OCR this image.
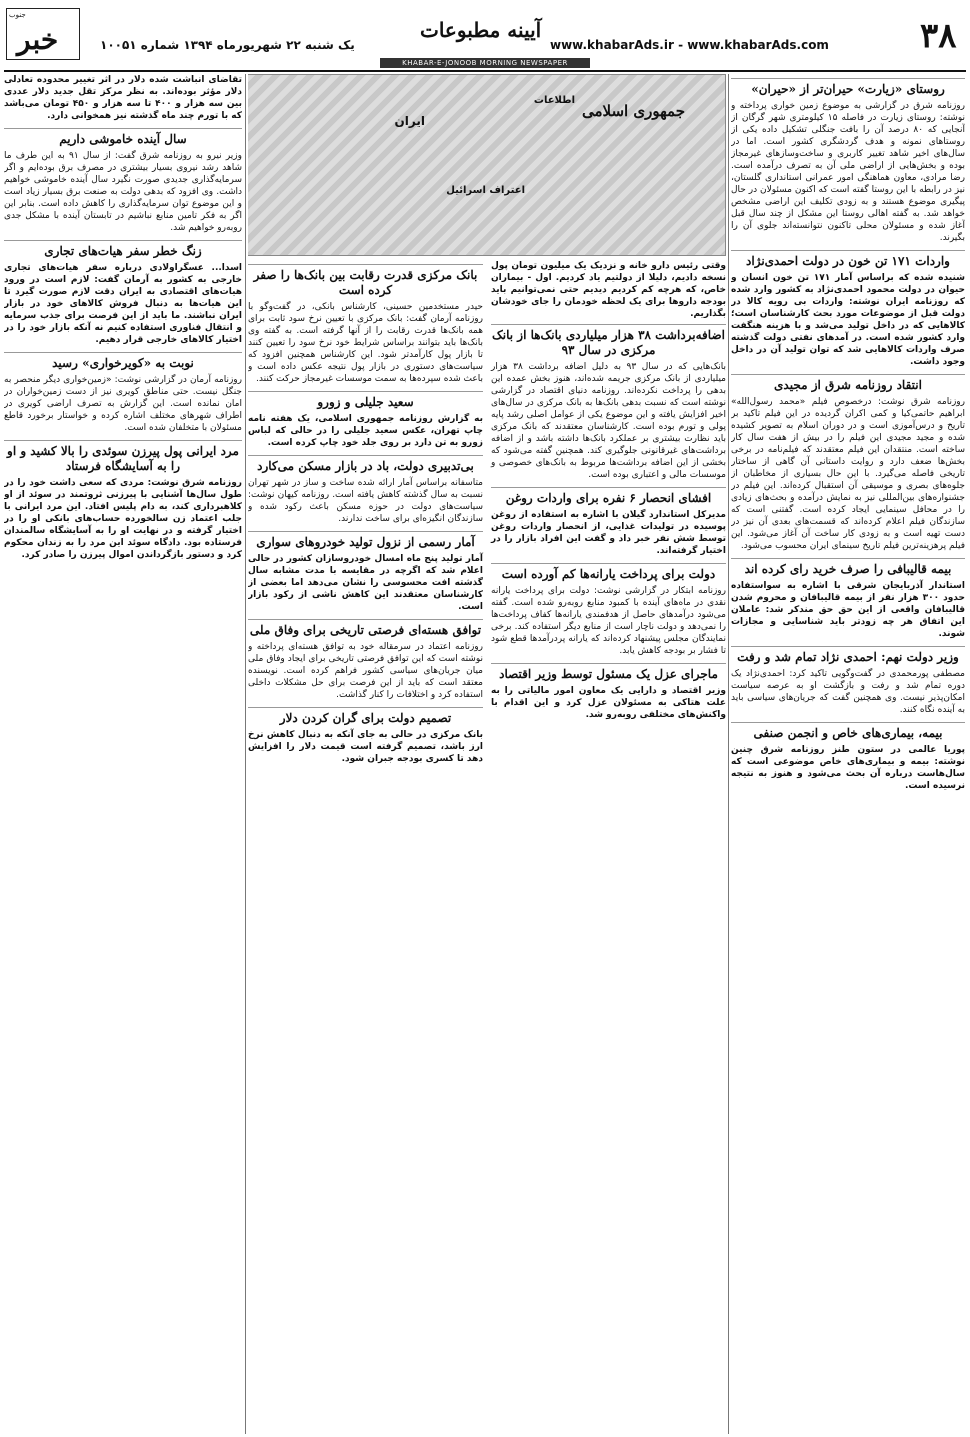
خبر
جنوب
یک شنبه ۲۲ شهریورماه ۱۳۹۴ شماره ۱۰۰۵۱
آیینه مطبوعات
www.khabarAds.ir - www.khabarAds.com	۳۸
KHABAR-E-JONOOB MORNING NEWSPAPER
روستای «زیارت» حیران‌تر از «حیران»

روزنامه شرق در گزارشی به موضوع زمین خواری پرداخته و نوشته: روستای زیارت در فاصله ۱۵ کیلومتری شهر گرگان از آنجایی که ۸۰ درصد آن را بافت جنگلی تشکیل داده یکی از روستاهای نمونه و هدف گردشگری کشور است. اما در سال‌های اخیر شاهد تغییر کاربری و ساخت‌وسازهای غیرمجاز بوده و بخش‌هایی از اراضی ملی آن به تصرف درآمده است. رضا مرادی، معاون هماهنگی امور عمرانی استانداری گلستان، نیز در رابطه با این روستا گفته است که اکنون مسئولان در حال پیگیری موضوع هستند و به زودی تکلیف این اراضی مشخص خواهد شد. به گفته اهالی روستا این مشکل از چند سال قبل آغاز شده و مسئولان محلی تاکنون نتوانسته‌اند جلوی آن را بگیرند.

واردات ۱۷۱ تن خون در دولت احمدی‌نژاد

شنیده شده که براساس آمار ۱۷۱ تن خون انسان و حیوان در دولت محمود احمدی‌نژاد به کشور وارد شده که روزنامه ایران نوشته: واردات بی رویه کالا در دولت قبل از موضوعات مورد بحث کارشناسان است؛ کالاهایی که در داخل تولید می‌شد و با هزینه هنگفت وارد کشور شده است. در آمدهای نفتی دولت گذشته صرف واردات کالاهایی شد که توان تولید آن در داخل وجود داشت.

انتقاد روزنامه شرق از مجیدی

روزنامه شرق نوشت: درخصوص فیلم «محمد رسول‌الله» ابراهیم حاتمی‌کیا و کمی اکران گردیده در این فیلم تاکید بر تاریخ و درس‌آموزی است و در دوران اسلام به تصویر کشیده شده و مجید مجیدی این فیلم را در بیش از هفت سال کار ساخته است. منتقدان این فیلم معتقدند که فیلم‌نامه در برخی بخش‌ها ضعف دارد و روایت داستانی آن گاهی از ساختار تاریخی فاصله می‌گیرد. با این حال بسیاری از مخاطبان از جلوه‌های بصری و موسیقی آن استقبال کرده‌اند. این فیلم در جشنواره‌های بین‌المللی نیز به نمایش درآمده و بحث‌های زیادی را در محافل سینمایی ایجاد کرده است. گفتنی است که سازندگان فیلم اعلام کرده‌اند که قسمت‌های بعدی آن نیز در دست تهیه است و به زودی کار ساخت آن آغاز می‌شود. این فیلم پرهزینه‌ترین فیلم تاریخ سینمای ایران محسوب می‌شود.

بیمه قالیبافی را صرف خرید رای کرده اند

استاندار آذربایجان شرقی با اشاره به سواستفاده حدود ۳۰۰ هزار نفر از بیمه قالیبافان و محروم شدن قالیبافان واقعی از این حق حق مندکر شد: عاملان این اتفاق هر چه زودتر باید شناسایی و مجازات شوند.

وزیر دولت نهم: احمدی نژاد تمام شد و رفت

مصطفی پورمحمدی در گفت‌وگویی تاکید کرد: احمدی‌نژاد یک دوره تمام شد و رفت و بازگشت او به عرصه سیاست امکان‌پذیر نیست. وی همچنین گفت که جریان‌های سیاسی باید به آینده نگاه کنند.

بیمه، بیماری‌های خاص و انجمن صنفی

پوریا عالمی در ستون طنز روزنامه شرق چنین نوشته: بیمه و بیماری‌های خاص موضوعی است که سال‌هاست درباره آن بحث می‌شود و هنوز به نتیجه نرسیده است.

جمهوری اسلامی
اطلاعات
ایران
اعتراف اسرائیل

وقتی رئیس دارو خانه و نزدیک یک میلیون تومان پول نسخه دادیم، دلیلا از دولتیم یاد کردیم. اول - بیماران خاص، که هرچه کم کردیم دیدیم حتی نمی‌توانیم باید بودجه داروها برای یک لحظه خودمان را جای خودشان بگذاریم.

اضافه‌برداشت ۳۸ هزار میلیاردی بانک‌ها از بانک مرکزی در سال ۹۳

بانک‌هایی که در سال ۹۳ به دلیل اضافه برداشت ۳۸ هزار میلیاردی از بانک مرکزی جریمه شده‌اند، هنوز بخش عمده این بدهی را پرداخت نکرده‌اند. روزنامه دنیای اقتصاد در گزارشی نوشته است که نسبت بدهی بانک‌ها به بانک مرکزی در سال‌های اخیر افزایش یافته و این موضوع یکی از عوامل اصلی رشد پایه پولی و تورم بوده است. کارشناسان معتقدند که بانک مرکزی باید نظارت بیشتری بر عملکرد بانک‌ها داشته باشد و از اضافه برداشت‌های غیرقانونی جلوگیری کند. همچنین گفته می‌شود که بخشی از این اضافه برداشت‌ها مربوط به بانک‌های خصوصی و موسسات مالی و اعتباری بوده است.

افشای انحصار ۶ نفره برای واردات روغن

مدیرکل استاندارد گیلان با اشاره به استفاده از روغن پوسیده در تولیدات غذایی، از انحصار واردات روغن توسط شش نفر خبر داد و گفت این افراد بازار را در اختیار گرفته‌اند.

دولت برای پرداخت یارانه‌ها کم آورده است

روزنامه ابتکار در گزارشی نوشت: دولت برای پرداخت یارانه نقدی در ماه‌های آینده با کمبود منابع روبه‌رو شده است. گفته می‌شود درآمدهای حاصل از هدفمندی یارانه‌ها کفاف پرداخت‌ها را نمی‌دهد و دولت ناچار است از منابع دیگر استفاده کند. برخی نمایندگان مجلس پیشنهاد کرده‌اند که یارانه پردرآمدها قطع شود تا فشار بر بودجه کاهش یابد.

ماجرای عزل یک مسئول توسط وزیر اقتصاد

وزیر اقتصاد و دارایی یک معاون امور مالیاتی را به علت هتاکی به مسئولان عزل کرد و این اقدام با واکنش‌های مختلفی روبه‌رو شد.

بانک مرکزی قدرت رقابت بین بانک‌ها را صفر کرده است

حیدر مستخدمین حسینی، کارشناس بانکی، در گفت‌وگو با روزنامه آرمان گفت: بانک مرکزی با تعیین نرخ سود ثابت برای همه بانک‌ها قدرت رقابت را از آنها گرفته است. به گفته وی بانک‌ها باید بتوانند براساس شرایط خود نرخ سود را تعیین کنند تا بازار پول کارآمدتر شود. این کارشناس همچنین افزود که سیاست‌های دستوری در بازار پول نتیجه عکس داده است و باعث شده سپرده‌ها به سمت موسسات غیرمجاز حرکت کنند.

سعید جلیلی و زورو

به گزارش روزنامه جمهوری اسلامی، یک هفته نامه چاپ تهران، عکس سعید جلیلی را در حالی که لباس زورو به تن دارد بر روی جلد خود چاپ کرده است.

بی‌تدبیری دولت، باد در بازار مسکن می‌کارد

متاسفانه براساس آمار ارائه شده ساخت و ساز در شهر تهران نسبت به سال گذشته کاهش یافته است. روزنامه کیهان نوشت: سیاست‌های دولت در حوزه مسکن باعث رکود شده و سازندگان انگیزه‌ای برای ساخت ندارند.

آمار رسمی از نزول تولید خودروهای سواری

آمار تولید پنج ماه امسال خودروسازان کشور در حالی اعلام شد که اگرچه در مقایسه با مدت مشابه سال گذشته افت محسوسی را نشان می‌دهد اما بعضی از کارشناسان معتقدند این کاهش ناشی از رکود بازار است.

توافق هسته‌ای فرصتی تاریخی برای وفاق ملی

روزنامه اعتماد در سرمقاله خود به توافق هسته‌ای پرداخته و نوشته است که این توافق فرصتی تاریخی برای ایجاد وفاق ملی میان جریان‌های سیاسی کشور فراهم کرده است. نویسنده معتقد است که باید از این فرصت برای حل مشکلات داخلی استفاده کرد و اختلافات را کنار گذاشت.

تصمیم دولت برای گران کردن دلار

بانک مرکزی در حالی به جای آنکه به دنبال کاهش نرخ ارز باشد، تصمیم گرفته است قیمت دلار را افزایش دهد تا کسری بودجه جبران شود.

تقاضای انباشت شده دلار در اثر تغییر محدوده تعادلی دلار مؤثر بوده‌اند. به نظر مرکز تقل جدید دلار عددی بین سه هزار و ۴۰۰ تا سه هزار و ۴۵۰ تومان می‌باشد که با تورم چند ماه گذشته نیز همخوانی دارد.

سال آینده خاموشی داریم

وزیر نیرو به روزنامه شرق گفت: از سال ۹۱ به این طرف ما شاهد رشد نیروی بسیار بیشتری در مصرف برق بوده‌ایم و اگر سرمایه‌گذاری جدیدی صورت نگیرد سال آینده خاموشی خواهیم داشت. وی افزود که بدهی دولت به صنعت برق بسیار زیاد است و این موضوع توان سرمایه‌گذاری را کاهش داده است. بنابر این اگر به فکر تامین منابع نباشیم در تابستان آینده با مشکل جدی روبه‌رو خواهیم شد.

زنگ خطر سفر هیات‌های تجاری

اسدا... عسگراولادی درباره سفر هیات‌های تجاری خارجی به کشور به آرمان گفت: لازم است در ورود هیات‌های اقتصادی به ایران دقت لازم صورت گیرد تا این هیات‌ها به دنبال فروش کالاهای خود در بازار ایران نباشند. ما باید از این فرصت برای جذب سرمایه و انتقال فناوری استفاده کنیم نه آنکه بازار خود را در اختیار کالاهای خارجی قرار دهیم.

نوبت به «کویرخواری» رسید

روزنامه آرمان در گزارشی نوشت: «زمین‌خواری دیگر منحصر به جنگل نیست. حتی مناطق کویری نیز از دست زمین‌خواران در امان نمانده است. این گزارش به تصرف اراضی کویری در اطراف شهرهای مختلف اشاره کرده و خواستار برخورد قاطع مسئولان با متخلفان شده است.

مرد ایرانی پول پیرزن سوئدی را بالا کشید و او را به آسایشگاه فرستاد

روزنامه شرق نوشت: مردی که سعی داشت خود را در طول سال‌ها آشنایی با پیرزنی ثروتمند در سوئد از او کلاهبرداری کند، به دام پلیس افتاد. این مرد ایرانی با جلب اعتماد زن سالخورده حساب‌های بانکی او را در اختیار گرفته و در نهایت او را به آسایشگاه سالمندان فرستاده بود. دادگاه سوئد این مرد را به زندان محکوم کرد و دستور بازگرداندن اموال پیرزن را صادر کرد.
